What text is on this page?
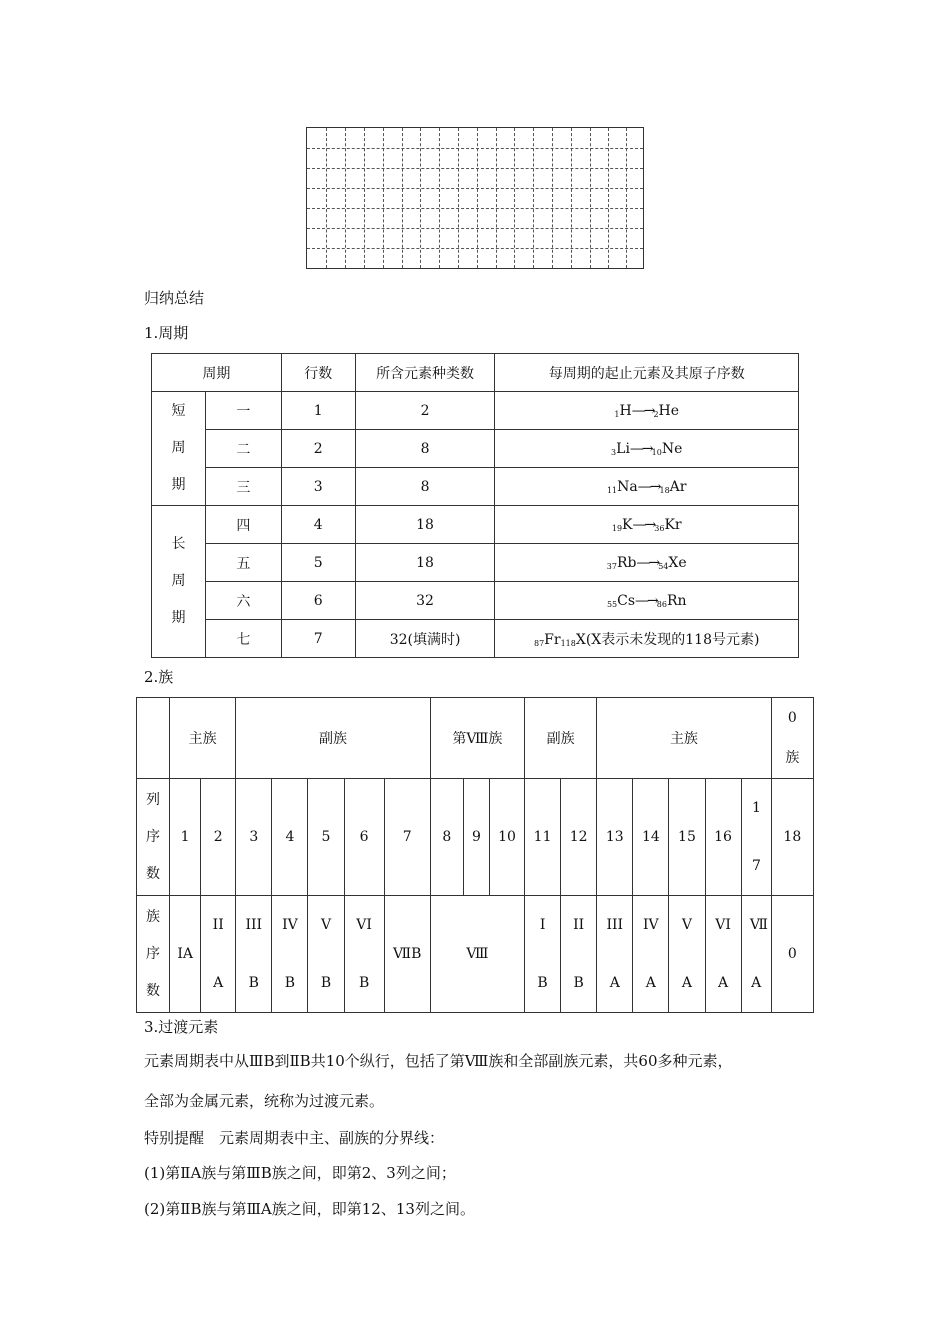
归纳总结
1.周期
周期		行数	所含元素种类数	每周期的起止元素及其原子序数
短周期	一	1	2	$_1H—\to_2He$
	二	2	8	$_3Li—\to_{10}Ne$
	三	3	8	$_{11}Na—\to_{18}Ar$
长周期	四	4	18	$_{19}K—\to_{36}Kr$
	五	5	18	$_{37}Rb—\to_{54}Xe$
	六	6	32	$_{55}Cs—\to_{86}Rn$
	七	7	32(填满时)	$_{87}Fr_{118}X(X$表示未发现的118号元素)
2.族
	主族		副族					第Ⅷ族			副族		主族					0族
列序数	1	2	3	4	5	6	7	8	9	10	11	12	13	14	15	16	17	18
族序数	IA	IIA	IIIB	IVB	VB	VIB	ⅦB	Ⅷ			IB	IIB	IIIA	IVA	VA	VIA	ⅦA	0
3.过渡元素
元素周期表中从ⅢB到ⅡB共10个纵行，包括了第Ⅷ族和全部副族元素，共60多种元素，
全部为金属元素，统称为过渡元素。
特别提醒　元素周期表中主、副族的分界线：
(1)第ⅡA族与第ⅢB族之间，即第2、3列之间；
(2)第ⅡB族与第ⅢA族之间，即第12、13列之间。
